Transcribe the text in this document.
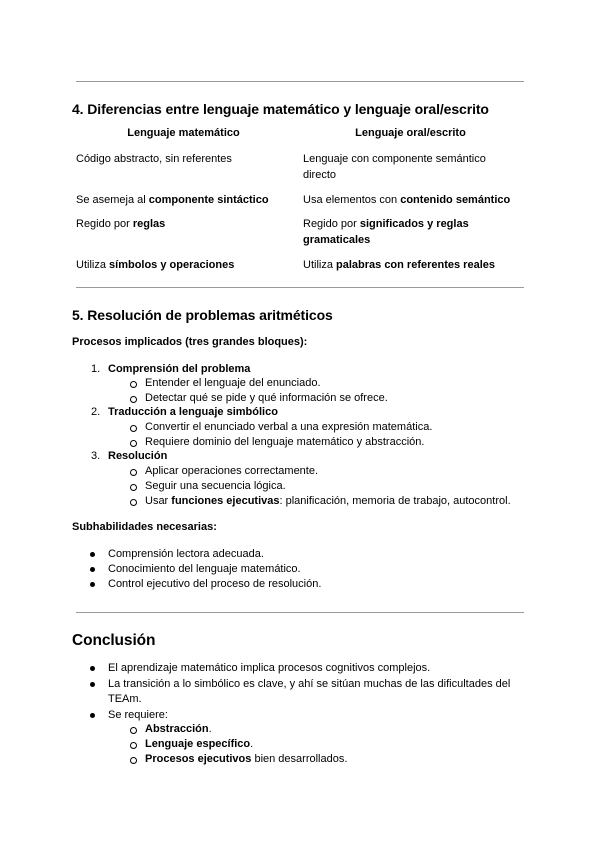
4. Diferencias entre lenguaje matemático y lenguaje oral/escrito
Lenguaje matemático	Lenguaje oral/escrito
Código abstracto, sin referentes	Lenguaje con componente semántico directo
Se asemeja al componente sintáctico	Usa elementos con contenido semántico
Regido por reglas	Regido por significados y reglas gramaticales
Utiliza símbolos y operaciones	Utiliza palabras con referentes reales
5. Resolución de problemas aritméticos
Procesos implicados (tres grandes bloques):
1. Comprensión del problema
Entender el lenguaje del enunciado.
Detectar qué se pide y qué información se ofrece.
2. Traducción a lenguaje simbólico
Convertir el enunciado verbal a una expresión matemática.
Requiere dominio del lenguaje matemático y abstracción.
3. Resolución
Aplicar operaciones correctamente.
Seguir una secuencia lógica.
Usar funciones ejecutivas: planificación, memoria de trabajo, autocontrol.
Subhabilidades necesarias:
Comprensión lectora adecuada.
Conocimiento del lenguaje matemático.
Control ejecutivo del proceso de resolución.
Conclusión
El aprendizaje matemático implica procesos cognitivos complejos.
La transición a lo simbólico es clave, y ahí se sitúan muchas de las dificultades del TEAm.
Se requiere:
Abstracción.
Lenguaje específico.
Procesos ejecutivos bien desarrollados.
